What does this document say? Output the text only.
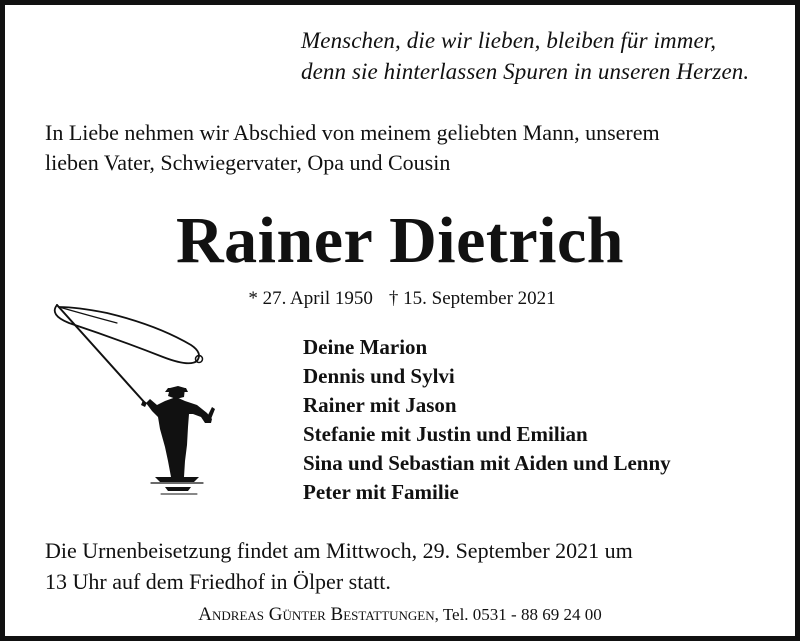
Menschen, die wir lieben, bleiben für immer,
denn sie hinterlassen Spuren in unseren Herzen.
In Liebe nehmen wir Abschied von meinem geliebten Mann, unserem
lieben Vater, Schwiegervater, Opa und Cousin
Rainer Dietrich
* 27. April 1950 † 15. September 2021
Deine Marion
Dennis und Sylvi
Rainer mit Jason
Stefanie mit Justin und Emilian
Sina und Sebastian mit Aiden und Lenny
Peter mit Familie
Die Urnenbeisetzung findet am Mittwoch, 29. September 2021 um
13 Uhr auf dem Friedhof in Ölper statt.
Andreas Günter Bestattungen, Tel. 0531 - 88 69 24 00
